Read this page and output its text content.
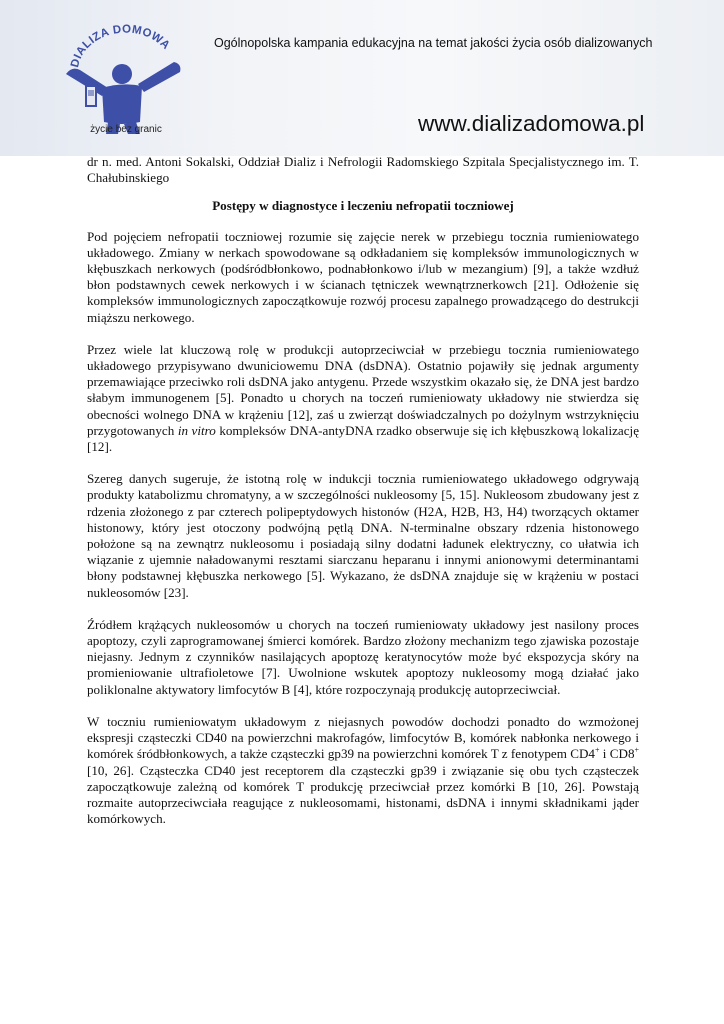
DIALIZA DOMOWA
życie bez granic
Ogólnopolska kampania edukacyjna na temat jakości życia osób dializowanych
www.dializadomowa.pl

dr n. med. Antoni Sokalski, Oddział Dializ i Nefrologii Radomskiego Szpitala Specjalistycznego im. T. Chałubinskiego

Postępy w diagnostyce i leczeniu nefropatii toczniowej

Pod pojęciem nefropatii toczniowej rozumie się zajęcie nerek w przebiegu tocznia rumieniowatego układowego. Zmiany w nerkach spowodowane są odkładaniem się kompleksów immunologicznych w kłębuszkach nerkowych (podśródbłonkowo, podnabłonkowo i/lub w mezangium) [9], a także wzdłuż błon podstawnych cewek nerkowych i w ścianach tętniczek wewnątrznerkowch [21]. Odłożenie się kompleksów immunologicznych zapoczątkowuje rozwój procesu zapalnego prowadzącego do destrukcji miąższu nerkowego.

Przez wiele lat kluczową rolę w produkcji autoprzeciwciał w przebiegu tocznia rumieniowatego układowego przypisywano dwuniciowemu DNA (dsDNA). Ostatnio pojawiły się jednak argumenty przemawiające przeciwko roli dsDNA jako antygenu. Przede wszystkim okazało się, że DNA jest bardzo słabym immunogenem [5]. Ponadto u chorych na toczeń rumieniowaty układowy nie stwierdza się obecności wolnego DNA w krążeniu [12], zaś u zwierząt doświadczalnych po dożylnym wstrzyknięciu przygotowanych in vitro kompleksów DNA-antyDNA rzadko obserwuje się ich kłębuszkową lokalizację [12].

Szereg danych sugeruje, że istotną rolę w indukcji tocznia rumieniowatego układowego odgrywają produkty katabolizmu chromatyny, a w szczególności nukleosomy [5, 15]. Nukleosom zbudowany jest z rdzenia złożonego z par czterech polipeptydowych histonów (H2A, H2B, H3, H4) tworzących oktamer histonowy, który jest otoczony podwójną pętlą DNA. N-terminalne obszary rdzenia histonowego położone są na zewnątrz nukleosomu i posiadają silny dodatni ładunek elektryczny, co ułatwia ich wiązanie z ujemnie naładowanymi resztami siarczanu heparanu i innymi anionowymi determinantami błony podstawnej kłębuszka nerkowego [5]. Wykazano, że dsDNA znajduje się w krążeniu w postaci nukleosomów [23].

Źródłem krążących nukleosomów u chorych na toczeń rumieniowaty układowy jest nasilony proces apoptozy, czyli zaprogramowanej śmierci komórek. Bardzo złożony mechanizm tego zjawiska pozostaje niejasny. Jednym z czynników nasilających apoptozę keratynocytów może być ekspozycja skóry na promieniowanie ultrafioletowe [7]. Uwolnione wskutek apoptozy nukleosomy mogą działać jako poliklonalne aktywatory limfocytów B [4], które rozpoczynają produkcję autoprzeciwciał.

W toczniu rumieniowatym układowym z niejasnych powodów dochodzi ponadto do wzmożonej ekspresji cząsteczki CD40 na powierzchni makrofagów, limfocytów B, komórek nabłonka nerkowego i komórek śródbłonkowych, a także cząsteczki gp39 na powierzchni komórek T z fenotypem CD4+ i CD8+ [10, 26]. Cząsteczka CD40 jest receptorem dla cząsteczki gp39 i związanie się obu tych cząsteczek zapoczątkowuje zależną od komórek T produkcję przeciwciał przez komórki B [10, 26]. Powstają rozmaite autoprzeciwciała reagujące z nukleosomami, histonami, dsDNA i innymi składnikami jąder komórkowych.
